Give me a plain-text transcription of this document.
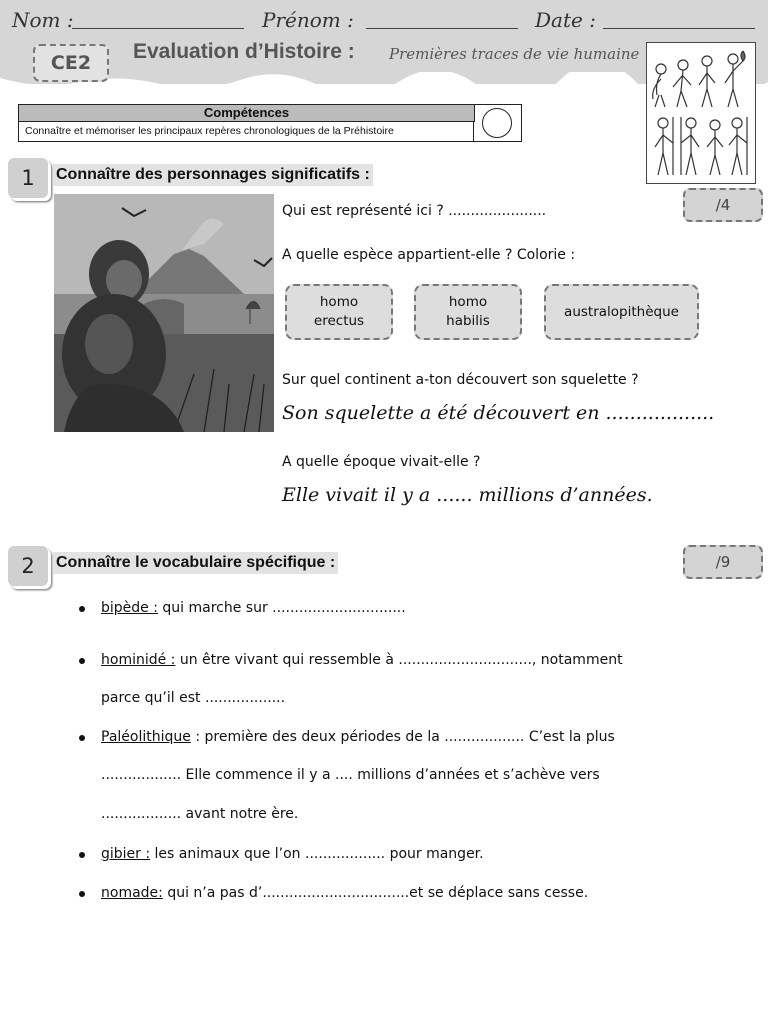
Nom :	Prénom :	Date :
CE2	Evaluation d’Histoire : Premières traces de vie humaine
Compétences
Connaître et mémoriser les principaux repères chronologiques de la Préhistoire
1	Connaître des personnages significatifs :
/4
Qui est représenté ici ? ......................
A quelle espèce appartient-elle ? Colorie :
homo
erectus
homo
habilis
australopithèque
Sur quel continent a-ton découvert son squelette ?
Son squelette a été découvert en ..................
A quelle époque vivait-elle ?
Elle vivait il y a ...... millions d’années.
2	Connaître le vocabulaire spécifique :	/9
bipède : qui marche sur ..............................
hominidé : un être vivant qui ressemble à .............................., notamment
parce qu’il est ..................
Paléolithique : première des deux périodes de la .................. C’est la plus
.................. Elle commence il y a .... millions d’années et s’achève vers
.................. avant notre ère.
gibier : les animaux que l’on .................. pour manger.
nomade: qui n’a pas d’.................................et se déplace sans cesse.
